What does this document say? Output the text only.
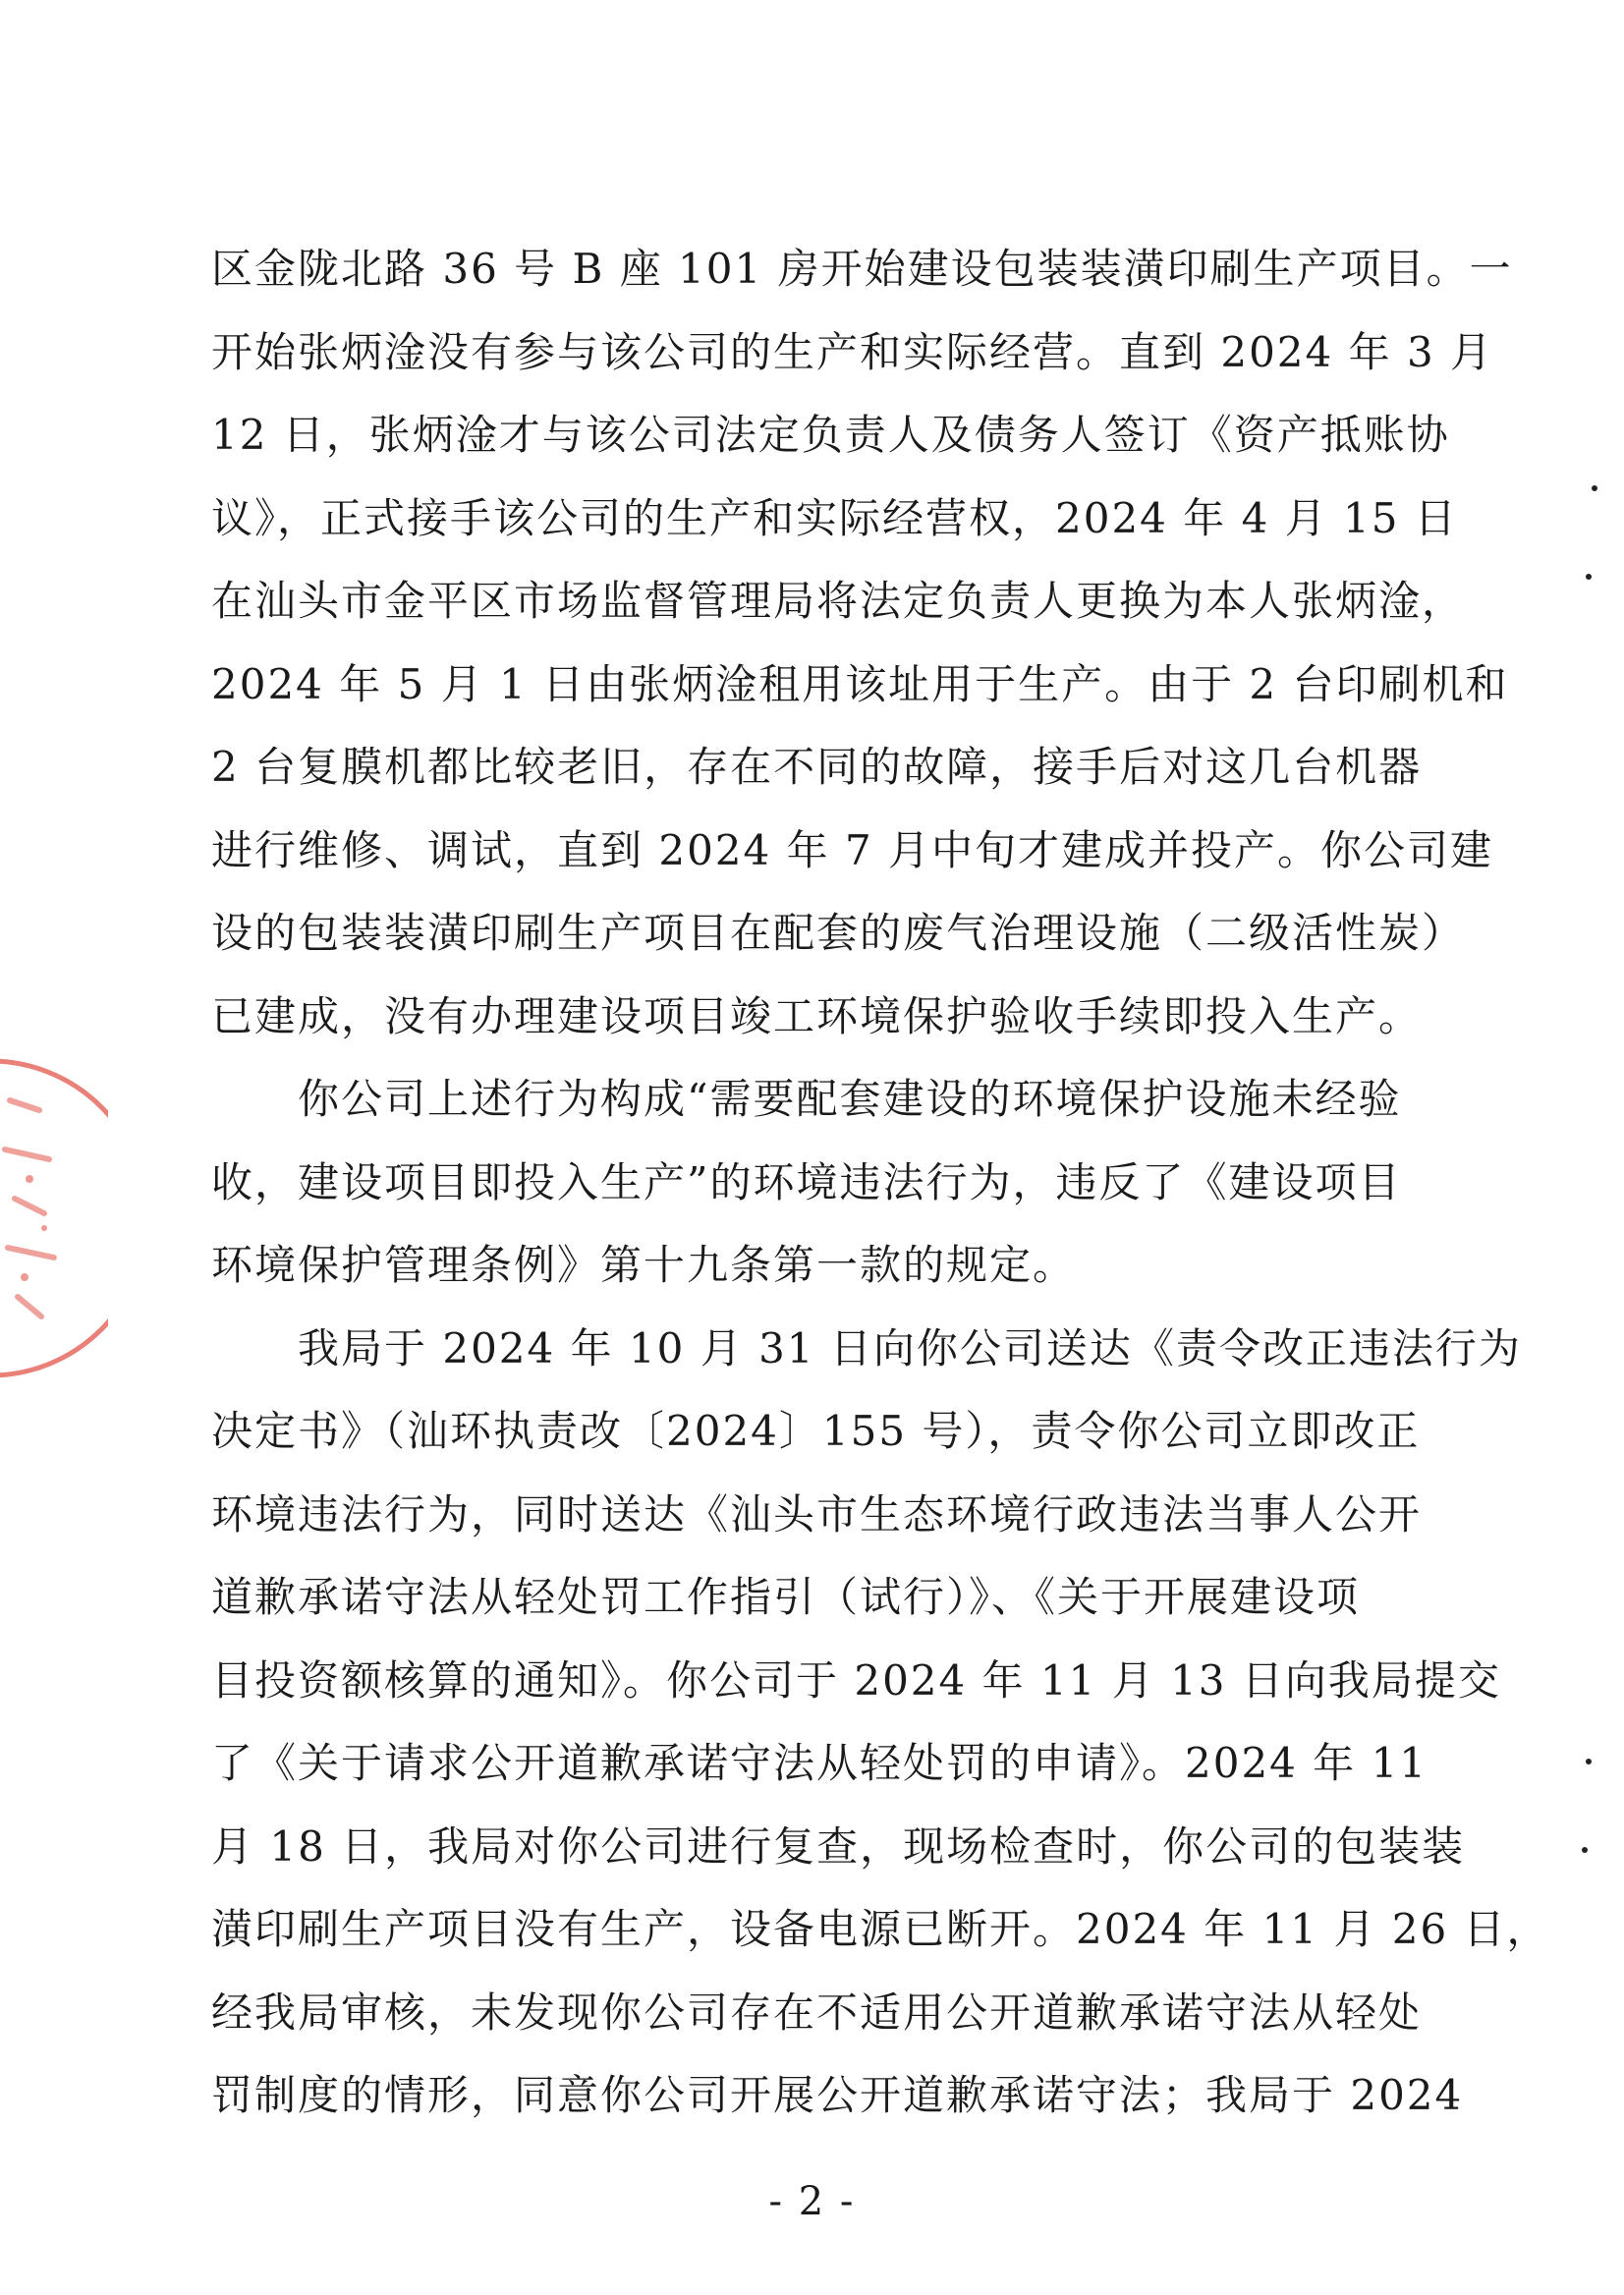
区金陇北路 36 号 B 座 101 房开始建设包装装潢印刷生产项目。一
开始张炳淦没有参与该公司的生产和实际经营。直到 2024 年 3 月
12 日，张炳淦才与该公司法定负责人及债务人签订《资产抵账协
议》，正式接手该公司的生产和实际经营权，2024 年 4 月 15 日
在汕头市金平区市场监督管理局将法定负责人更换为本人张炳淦，
2024 年 5 月 1 日由张炳淦租用该址用于生产。由于 2 台印刷机和
2 台复膜机都比较老旧，存在不同的故障，接手后对这几台机器
进行维修、调试，直到 2024 年 7 月中旬才建成并投产。你公司建
设的包装装潢印刷生产项目在配套的废气治理设施（二级活性炭）
已建成，没有办理建设项目竣工环境保护验收手续即投入生产。
你公司上述行为构成“需要配套建设的环境保护设施未经验
收，建设项目即投入生产”的环境违法行为，违反了《建设项目
环境保护管理条例》第十九条第一款的规定。
我局于 2024 年 10 月 31 日向你公司送达《责令改正违法行为
决定书》（汕环执责改〔2024〕155 号），责令你公司立即改正
环境违法行为，同时送达《汕头市生态环境行政违法当事人公开
道歉承诺守法从轻处罚工作指引（试行）》、《关于开展建设项
目投资额核算的通知》。你公司于 2024 年 11 月 13 日向我局提交
了《关于请求公开道歉承诺守法从轻处罚的申请》。2024 年 11
月 18 日，我局对你公司进行复查，现场检查时，你公司的包装装
潢印刷生产项目没有生产，设备电源已断开。2024 年 11 月 26 日，
经我局审核，未发现你公司存在不适用公开道歉承诺守法从轻处
罚制度的情形，同意你公司开展公开道歉承诺守法；我局于 2024
- 2 -
